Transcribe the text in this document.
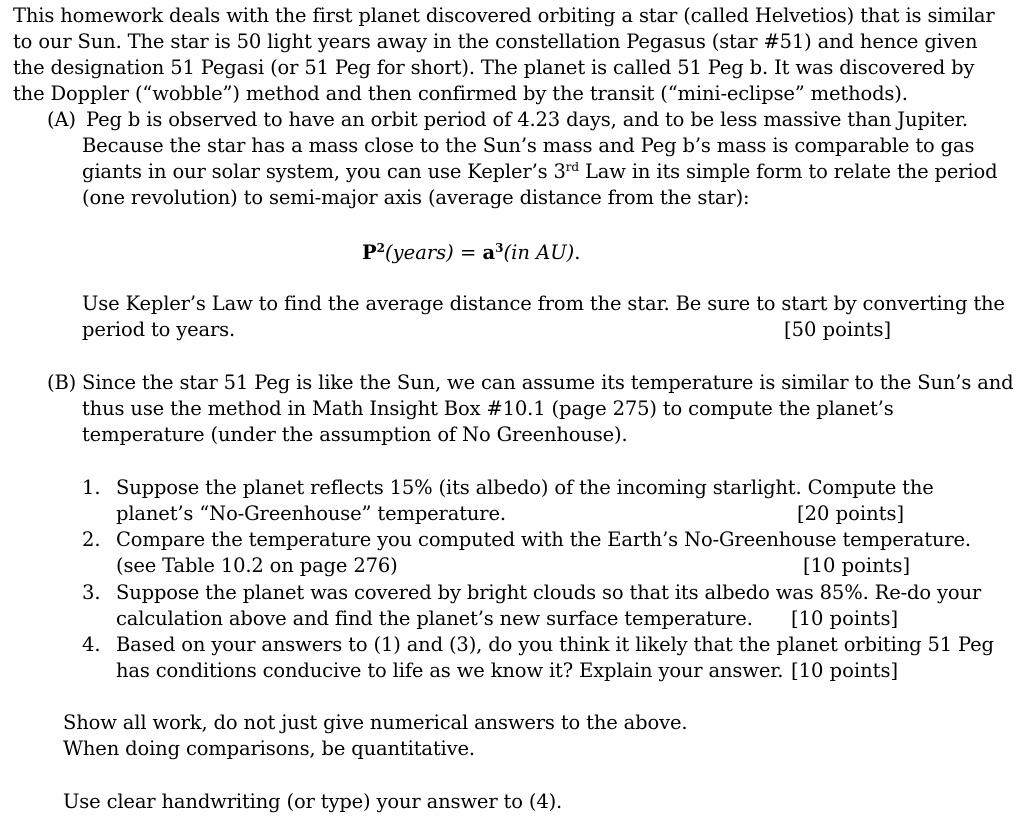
This homework deals with the first planet discovered orbiting a star (called Helvetios) that is similar
to our Sun. The star is 50 light years away in the constellation Pegasus (star #51) and hence given
the designation 51 Pegasi (or 51 Peg for short). The planet is called 51 Peg b. It was discovered by
the Doppler (“wobble”) method and then confirmed by the transit (“mini-eclipse” methods).
(A) Peg b is observed to have an orbit period of 4.23 days, and to be less massive than Jupiter.
Because the star has a mass close to the Sun’s mass and Peg b’s mass is comparable to gas
giants in our solar system, you can use Kepler’s 3rd Law in its simple form to relate the period
(one revolution) to semi-major axis (average distance from the star):
$P^2(years) = a^3(in$ AU).
Use Kepler’s Law to find the average distance from the star. Be sure to start by converting the
period to years.	[50 points]
(B) Since the star 51 Peg is like the Sun, we can assume its temperature is similar to the Sun’s and
thus use the method in Math Insight Box #10.1 (page 275) to compute the planet’s
temperature (under the assumption of No Greenhouse).
1. Suppose the planet reflects 15% (its albedo) of the incoming starlight. Compute the
planet’s “No-Greenhouse” temperature.	[20 points]
2. Compare the temperature you computed with the Earth’s No-Greenhouse temperature.
(see Table 10.2 on page 276)	[10 points]
3. Suppose the planet was covered by bright clouds so that its albedo was 85%. Re-do your
calculation above and find the planet’s new surface temperature. [10 points]
4. Based on your answers to (1) and (3), do you think it likely that the planet orbiting 51 Peg
has conditions conducive to life as we know it? Explain your answer. [10 points]
Show all work, do not just give numerical answers to the above.
When doing comparisons, be quantitative.
Use clear handwriting (or type) your answer to (4).
